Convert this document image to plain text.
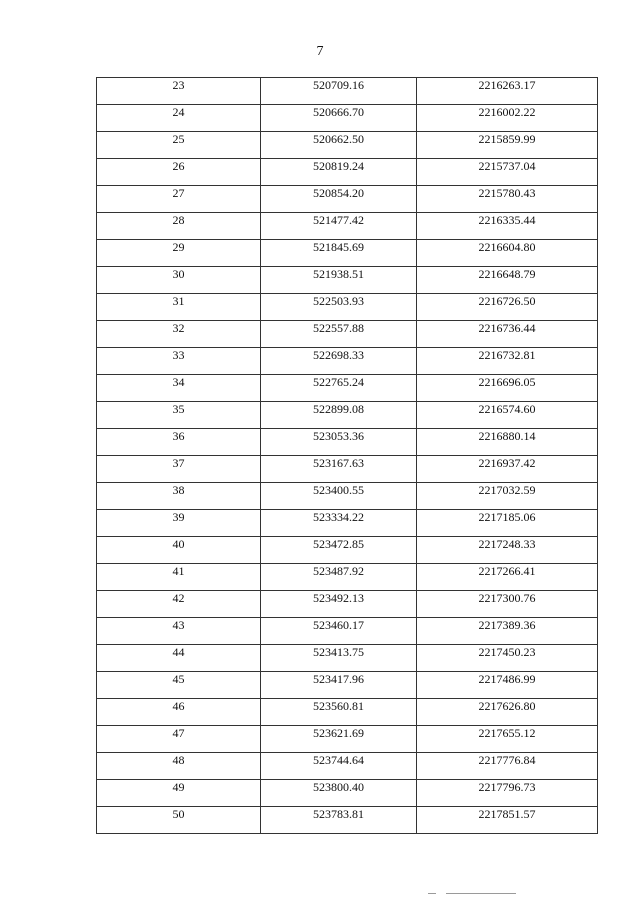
7
23	520709.16	2216263.17
24	520666.70	2216002.22
25	520662.50	2215859.99
26	520819.24	2215737.04
27	520854.20	2215780.43
28	521477.42	2216335.44
29	521845.69	2216604.80
30	521938.51	2216648.79
31	522503.93	2216726.50
32	522557.88	2216736.44
33	522698.33	2216732.81
34	522765.24	2216696.05
35	522899.08	2216574.60
36	523053.36	2216880.14
37	523167.63	2216937.42
38	523400.55	2217032.59
39	523334.22	2217185.06
40	523472.85	2217248.33
41	523487.92	2217266.41
42	523492.13	2217300.76
43	523460.17	2217389.36
44	523413.75	2217450.23
45	523417.96	2217486.99
46	523560.81	2217626.80
47	523621.69	2217655.12
48	523744.64	2217776.84
49	523800.40	2217796.73
50	523783.81	2217851.57
